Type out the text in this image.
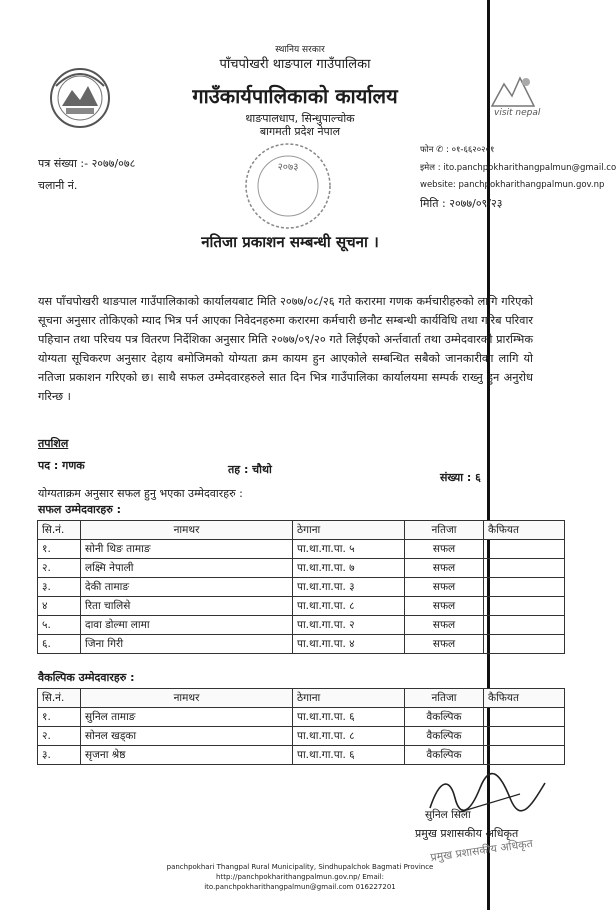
visit nepal
स्थानिय सरकार
पाँचपोखरी थाङपाल गाउँपालिका
गाउँकार्यपालिकाको कार्यालय
थाङपालधाप, सिन्धुपाल्चोक
बागमती प्रदेश नेपाल
२०७३
पत्र संख्या :- २०७७/०७८
चलानी नं.
फोन ✆ : ०१-६६२०२०१
इमेल : ito.panchpokharithangpalmun@gmail.co
website: panchpokharithangpalmun.gov.np
मिति : २०७७/०९/२३
नतिजा प्रकाशन सम्बन्धी सूचना ।
यस पाँचपोखरी थाङपाल गाउँपालिकाको कार्यालयबाट मिति २०७७/०८/२६ गते करारमा गणक कर्मचारीहरुको लागि गरिएको सूचना अनुसार तोकिएको म्याद भित्र पर्न आएका निवेदनहरुमा करारमा कर्मचारी छनौट सम्बन्धी कार्यविधि तथा गरिब परिवार पहिचान तथा परिचय पत्र वितरण निर्देशिका अनुसार मिति २०७७/०९/२० गते लिईएको अर्न्तवार्ता तथा उम्मेदवारको प्रारम्भिक योग्यता सूचिकरण अनुसार देहाय बमोजिमको योग्यता क्रम कायम हुन आएकोले सम्बन्धित सबैको जानकारीका लागि यो नतिजा प्रकाशन गरिएको छ। साथै सफल उम्मेदवारहरुले सात दिन भित्र गाउँपालिका कार्यालयमा सम्पर्क राख्नु हुन अनुरोध गरिन्छ ।
तपशिल
पद : गणक	तह : चौथो
संख्या : ६
योग्यताक्रम अनुसार सफल हुनु भएका उम्मेदवारहरु :
सफल उम्मेदवारहरु :
सि.नं.	नामथर	ठेगाना	नतिजा	कैफियत
१.	सोनी थिङ तामाङ	पा.था.गा.पा. ५	सफल	
२.	लक्ष्मि नेपाली	पा.था.गा.पा. ७	सफल	
३.	देकी तामाङ	पा.था.गा.पा. ३	सफल	
४	रिता चालिसे	पा.था.गा.पा. ८	सफल	
५.	दावा डोल्मा लामा	पा.था.गा.पा. २	सफल	
६.	जिना गिरी	पा.था.गा.पा. ४	सफल	
वैकल्पिक उम्मेदवारहरु :
सि.नं.	नामथर	ठेगाना	नतिजा	कैफियत
१.	सुनिल तामाङ	पा.था.गा.पा. ६	वैकल्पिक	
२.	सोनल खड्का	पा.था.गा.पा. ८	वैकल्पिक	
३.	सृजना श्रेष्ठ	पा.था.गा.पा. ६	वैकल्पिक	
सुनिल सिला
प्रमुख प्रशासकीय अधिकृत
प्रमुख प्रशासकीय अधिकृत
panchpokhari Thangpal Rural Municipality, Sindhupalchok Bagmati Province http://panchpokharithangpalmun.gov.np/ Email:
ito.panchpokharithangpalmun@gmail.com 016227201
